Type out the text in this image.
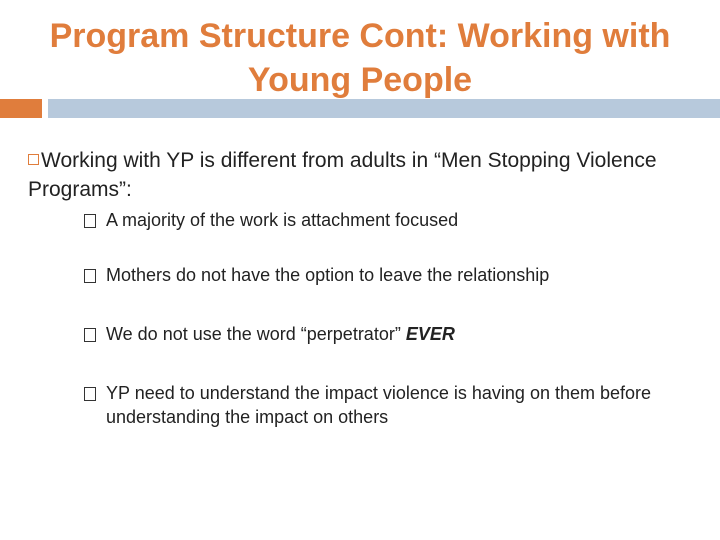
Program Structure Cont: Working with Young People
Working with YP is different from adults in “Men Stopping Violence Programs”:
A majority of the work is attachment focused
Mothers do not have the option to leave the relationship
We do not use the word “perpetrator” EVER
YP need to understand the impact violence is having on them before understanding the impact on others
